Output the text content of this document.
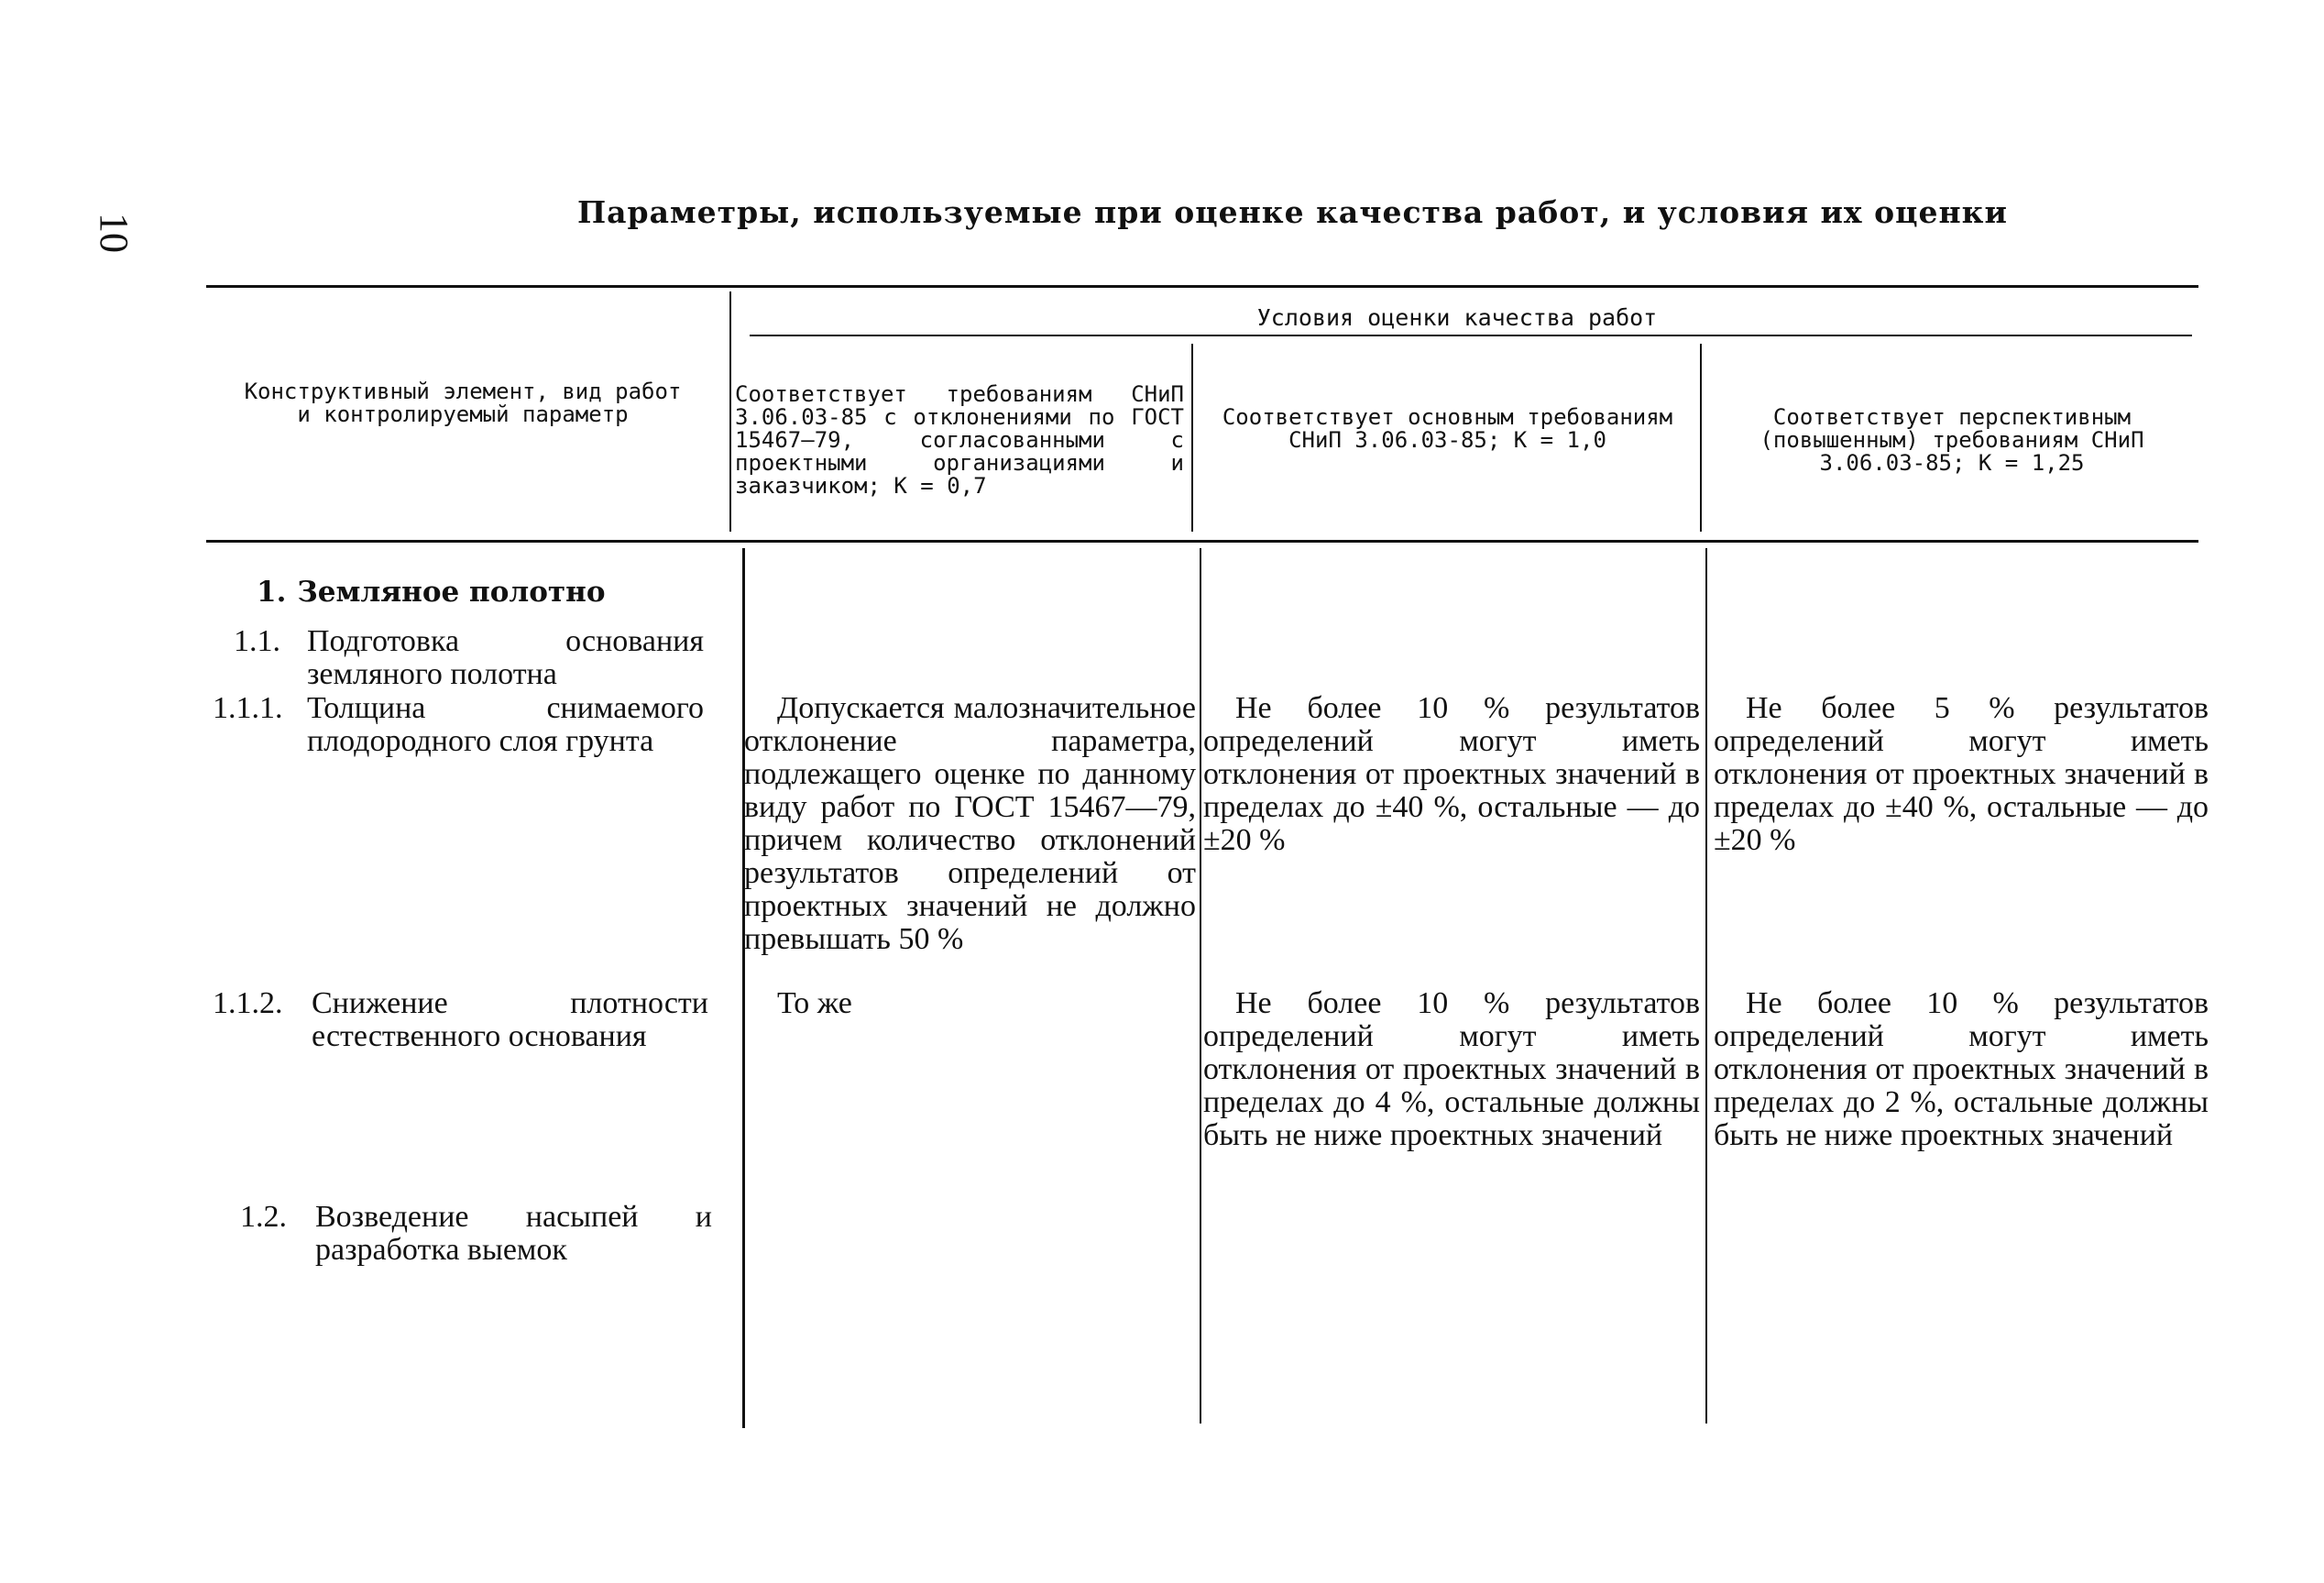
10
Параметры, используемые при оценке качества работ, и условия их оценки
Конструктивный элемент, вид работ и контролируемый параметр
Условия оценки качества работ
Соответствует требованиям СНиП 3.06.03-85 с отклонениями по ГОСТ 15467—79, согласованными с проектными организациями и заказчиком; К = 0,7
Соответствует основным требованиям СНиП 3.06.03-85; К = 1,0
Соответствует перспективным (повышенным) требованиям СНиП 3.06.03-85; К = 1,25
1. Земляное полотно
1.1. Подготовка основания земляного полотна
1.1.1. Толщина снимаемого плодородного слоя грунта
Допускается малозначительное отклонение параметра, подлежащего оценке по данному виду работ по ГОСТ 15467—79, причем количество отклонений результатов определений от проектных значений не должно превышать 50 %
Не более 10 % результатов определений могут иметь отклонения от проектных значений в пределах до ±40 %, остальные — до ±20 %
Не более 5 % результатов определений могут иметь отклонения от проектных значений в пределах до ±40 %, остальные — до ±20 %
1.1.2. Снижение плотности естественного основания
То же	Не более 10 % результатов определений могут иметь отклонения от проектных значений в пределах до 4 %, остальные должны быть не ниже проектных значений
Не более 10 % результатов определений могут иметь отклонения от проектных значений в пределах до 2 %, остальные должны быть не ниже проектных значений
1.2. Возведение насыпей и разработка выемок
